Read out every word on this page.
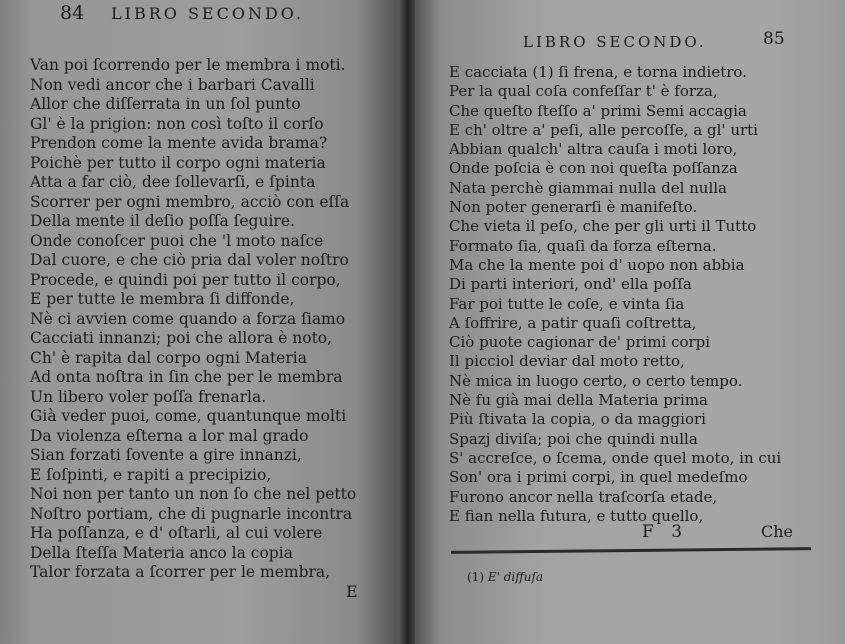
84 LIBRO SECONDO.
Van poi ſcorrendo per le membra i moti.
Non vedi ancor che i barbari Cavalli
Allor che diſſerrata in un ſol punto
Gl' è la prigion: non così toſto il corſo
Prendon come la mente avida brama?
Poichè per tutto il corpo ogni materia
Atta a far ciò, dee ſollevarſi, e ſpinta
Scorrer per ogni membro, acciò con eſſa
Della mente il deſio poſſa ſeguire.
Onde conoſcer puoi che 'l moto naſce
Dal cuore, e che ciò pria dal voler noſtro
Procede, e quindi poi per tutto il corpo,
E per tutte le membra ſi diffonde,
Nè ci avvien come quando a forza ſiamo
Cacciati innanzi; poi che allora è noto,
Ch' è rapita dal corpo ogni Materia
Ad onta noſtra in ſin che per le membra
Un libero voler poſſa frenarla.
Già veder puoi, come, quantunque molti
Da violenza eſterna a lor mal grado
Sian forzati ſovente a gire innanzi,
E ſoſpinti, e rapiti a precipizio,
Noi non per tanto un non ſo che nel petto
Noſtro portiam, che di pugnarle incontra
Ha poſſanza, e d' oſtarli, al cui volere
Della ſteſſa Materia anco la copia
Talor forzata a ſcorrer per le membra,
E
LIBRO SECONDO.	85
E cacciata (1) ſi frena, e torna indietro.
Per la qual coſa confeſſar t' è forza,
Che queſto ſteſſo a' primi Semi accagia
E ch' oltre a' peſi, alle percoſſe, a gl' urti
Abbian qualch' altra cauſa i moti loro,
Onde poſcia è con noi queſta poſſanza
Nata perchè giammai nulla del nulla
Non poter generarſi è manifeſto.
Che vieta il peſo, che per gli urti il Tutto
Formato ſia, quaſi da forza eſterna.
Ma che la mente poi d' uopo non abbia
Di parti interiori, ond' ella poſſa
Far poi tutte le coſe, e vinta ſia
A ſoffrire, a patir quaſi coſtretta,
Ciò puote cagionar de' primi corpi
Il picciol deviar dal moto retto,
Nè mica in luogo certo, o certo tempo.
Nè fu già mai della Materia prima
Più ſtivata la copia, o da maggiori
Spazj diviſa; poi che quindi nulla
S' accreſce, o ſcema, onde quel moto, in cui
Son' ora i primi corpi, in quel medeſmo
Furono ancor nella traſcorſa etade,
E fian nella futura, e tutto quello,
F 3	Che
(1) E' diffuſa
